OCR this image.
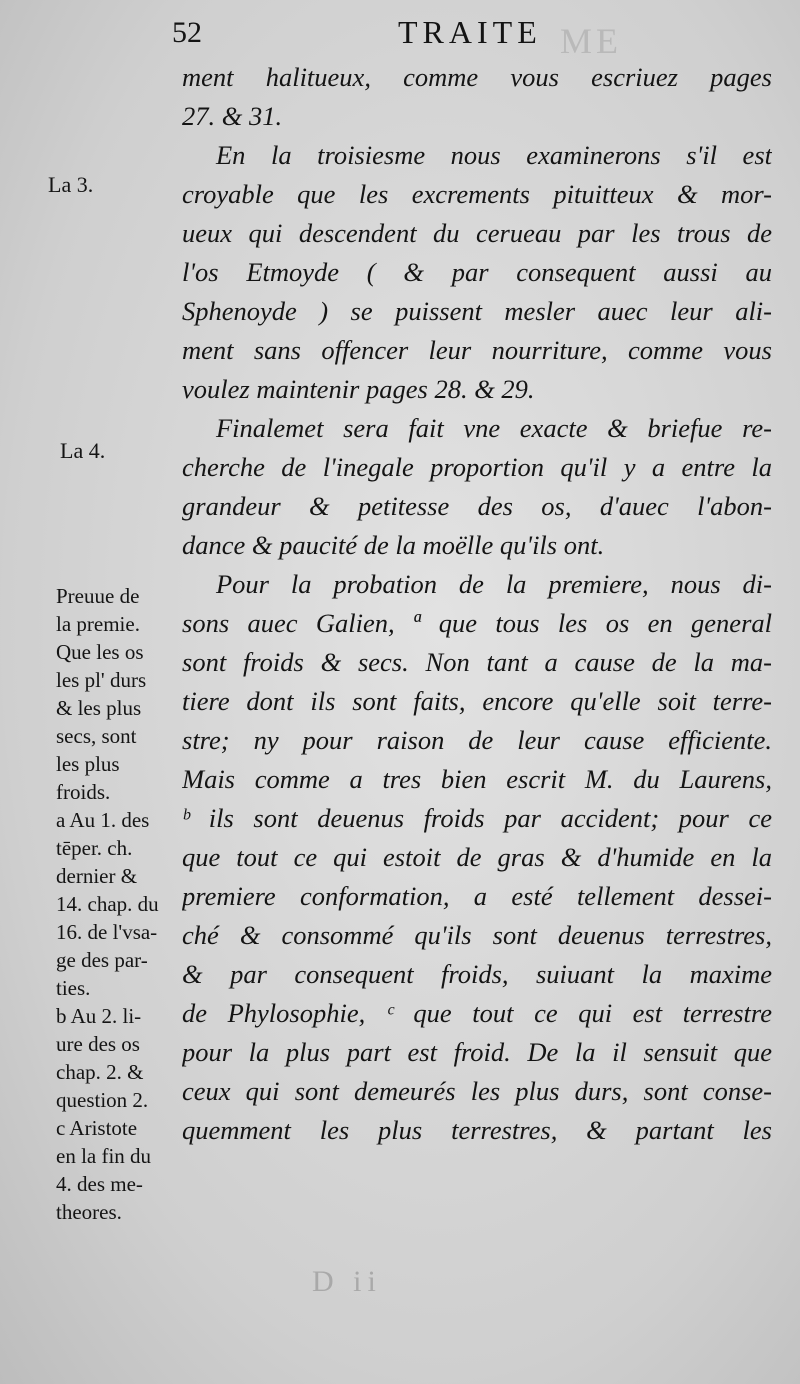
ME
52	TRAITE
La 3.
La 4.
ment halitueux, comme vous escriuez pages
27. & 31.
En la troisiesme nous examinerons s'il est
croyable que les excrements pituitteux & mor-
ueux qui descendent du cerueau par les trous de
l'os Etmoyde ( & par consequent aussi au
Sphenoyde ) se puissent mesler auec leur ali-
ment sans offencer leur nourriture, comme vous
voulez maintenir pages 28. & 29.
Finalemet sera fait vne exacte & briefue re-
cherche de l'inegale proportion qu'il y a entre la
grandeur & petitesse des os, d'auec l'abon-
dance & paucité de la moëlle qu'ils ont.
Pour la probation de la premiere, nous di-
sons auec Galien, ª que tous les os en general
sont froids & secs. Non tant a cause de la ma-
tiere dont ils sont faits, encore qu'elle soit terre-
stre; ny pour raison de leur cause efficiente.
Mais comme a tres bien escrit M. du Laurens,
ᵇ ils sont deuenus froids par accident; pour ce
que tout ce qui estoit de gras & d'humide en la
premiere conformation, a esté tellement dessei-
ché & consommé qu'ils sont deuenus terrestres,
& par consequent froids, suiuant la maxime
de Phylosophie, ᶜ que tout ce qui est terrestre
pour la plus part est froid. De la il sensuit que
ceux qui sont demeurés les plus durs, sont conse-
quemment les plus terrestres, & partant les
Preuue de
la premie.
Que les os
les pl' durs
& les plus
secs, sont
les plus
froids.
a Au 1. des
tēper. ch.
dernier &
14. chap. du
16. de l'vsa-
ge des par-
ties.
b Au 2. li-
ure des os
chap. 2. &
question 2.
c Aristote
en la fin du
4. des me-
theores.
D ii
